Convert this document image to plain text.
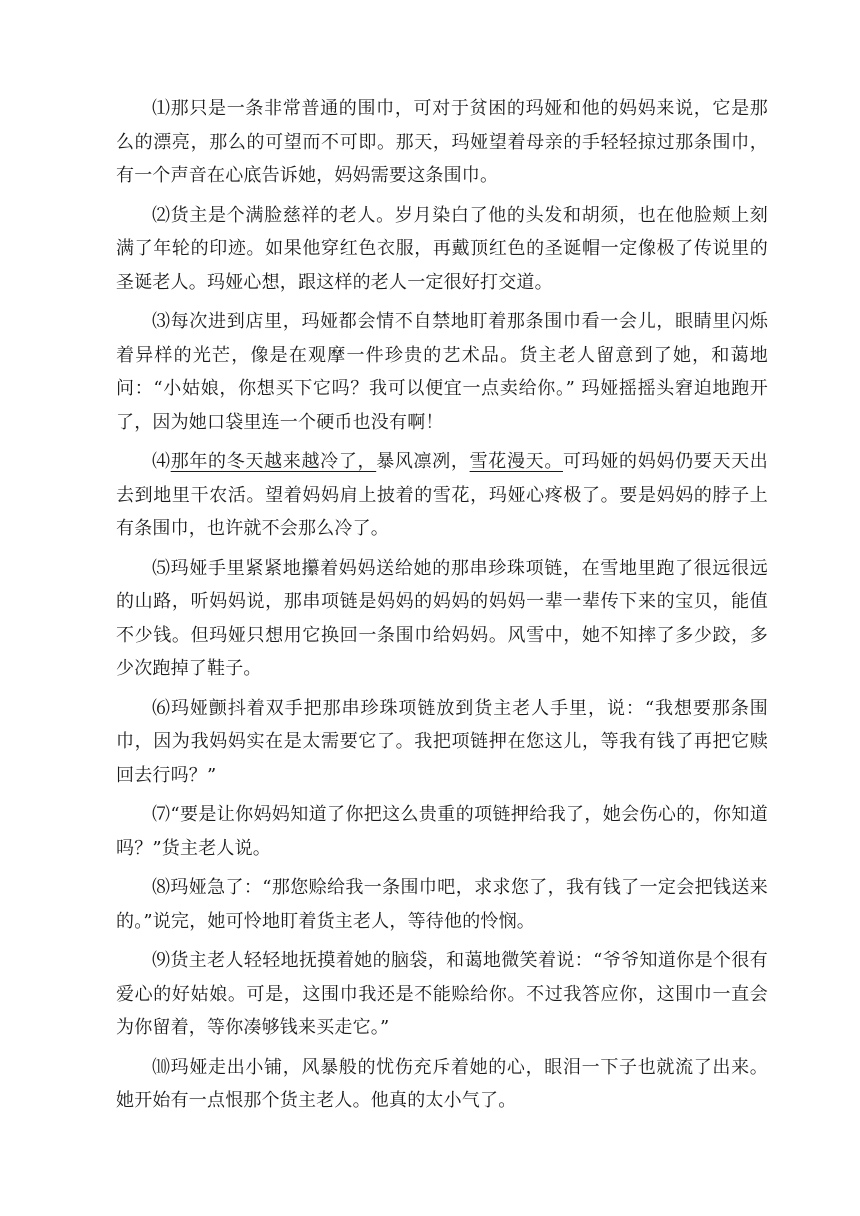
⑴那只是一条非常普通的围巾，可对于贫困的玛娅和他的妈妈来说，它是那么的漂亮，那么的可望而不可即。那天，玛娅望着母亲的手轻轻掠过那条围巾，有一个声音在心底告诉她，妈妈需要这条围巾。

⑵货主是个满脸慈祥的老人。岁月染白了他的头发和胡须，也在他脸颊上刻满了年轮的印迹。如果他穿红色衣服，再戴顶红色的圣诞帽一定像极了传说里的圣诞老人。玛娅心想，跟这样的老人一定很好打交道。

⑶每次进到店里，玛娅都会情不自禁地盯着那条围巾看一会儿，眼睛里闪烁着异样的光芒，像是在观摩一件珍贵的艺术品。货主老人留意到了她，和蔼地问：“小姑娘，你想买下它吗？我可以便宜一点卖给你。” 玛娅摇摇头窘迫地跑开了，因为她口袋里连一个硬币也没有啊！

⑷那年的冬天越来越冷了，暴风凛冽，雪花漫天。可玛娅的妈妈仍要天天出去到地里干农活。望着妈妈肩上披着的雪花，玛娅心疼极了。要是妈妈的脖子上有条围巾，也许就不会那么冷了。

⑸玛娅手里紧紧地攥着妈妈送给她的那串珍珠项链，在雪地里跑了很远很远的山路，听妈妈说，那串项链是妈妈的妈妈的妈妈一辈一辈传下来的宝贝，能值不少钱。但玛娅只想用它换回一条围巾给妈妈。风雪中，她不知摔了多少跤，多少次跑掉了鞋子。

⑹玛娅颤抖着双手把那串珍珠项链放到货主老人手里，说：“我想要那条围巾，因为我妈妈实在是太需要它了。我把项链押在您这儿，等我有钱了再把它赎回去行吗？”

⑺“要是让你妈妈知道了你把这么贵重的项链押给我了，她会伤心的，你知道吗？”货主老人说。

⑻玛娅急了：“那您赊给我一条围巾吧，求求您了，我有钱了一定会把钱送来的。”说完，她可怜地盯着货主老人，等待他的怜悯。

⑼货主老人轻轻地抚摸着她的脑袋，和蔼地微笑着说：“爷爷知道你是个很有爱心的好姑娘。可是，这围巾我还是不能赊给你。不过我答应你，这围巾一直会为你留着，等你凑够钱来买走它。”

⑽玛娅走出小铺，风暴般的忧伤充斥着她的心，眼泪一下子也就流了出来。她开始有一点恨那个货主老人。他真的太小气了。
